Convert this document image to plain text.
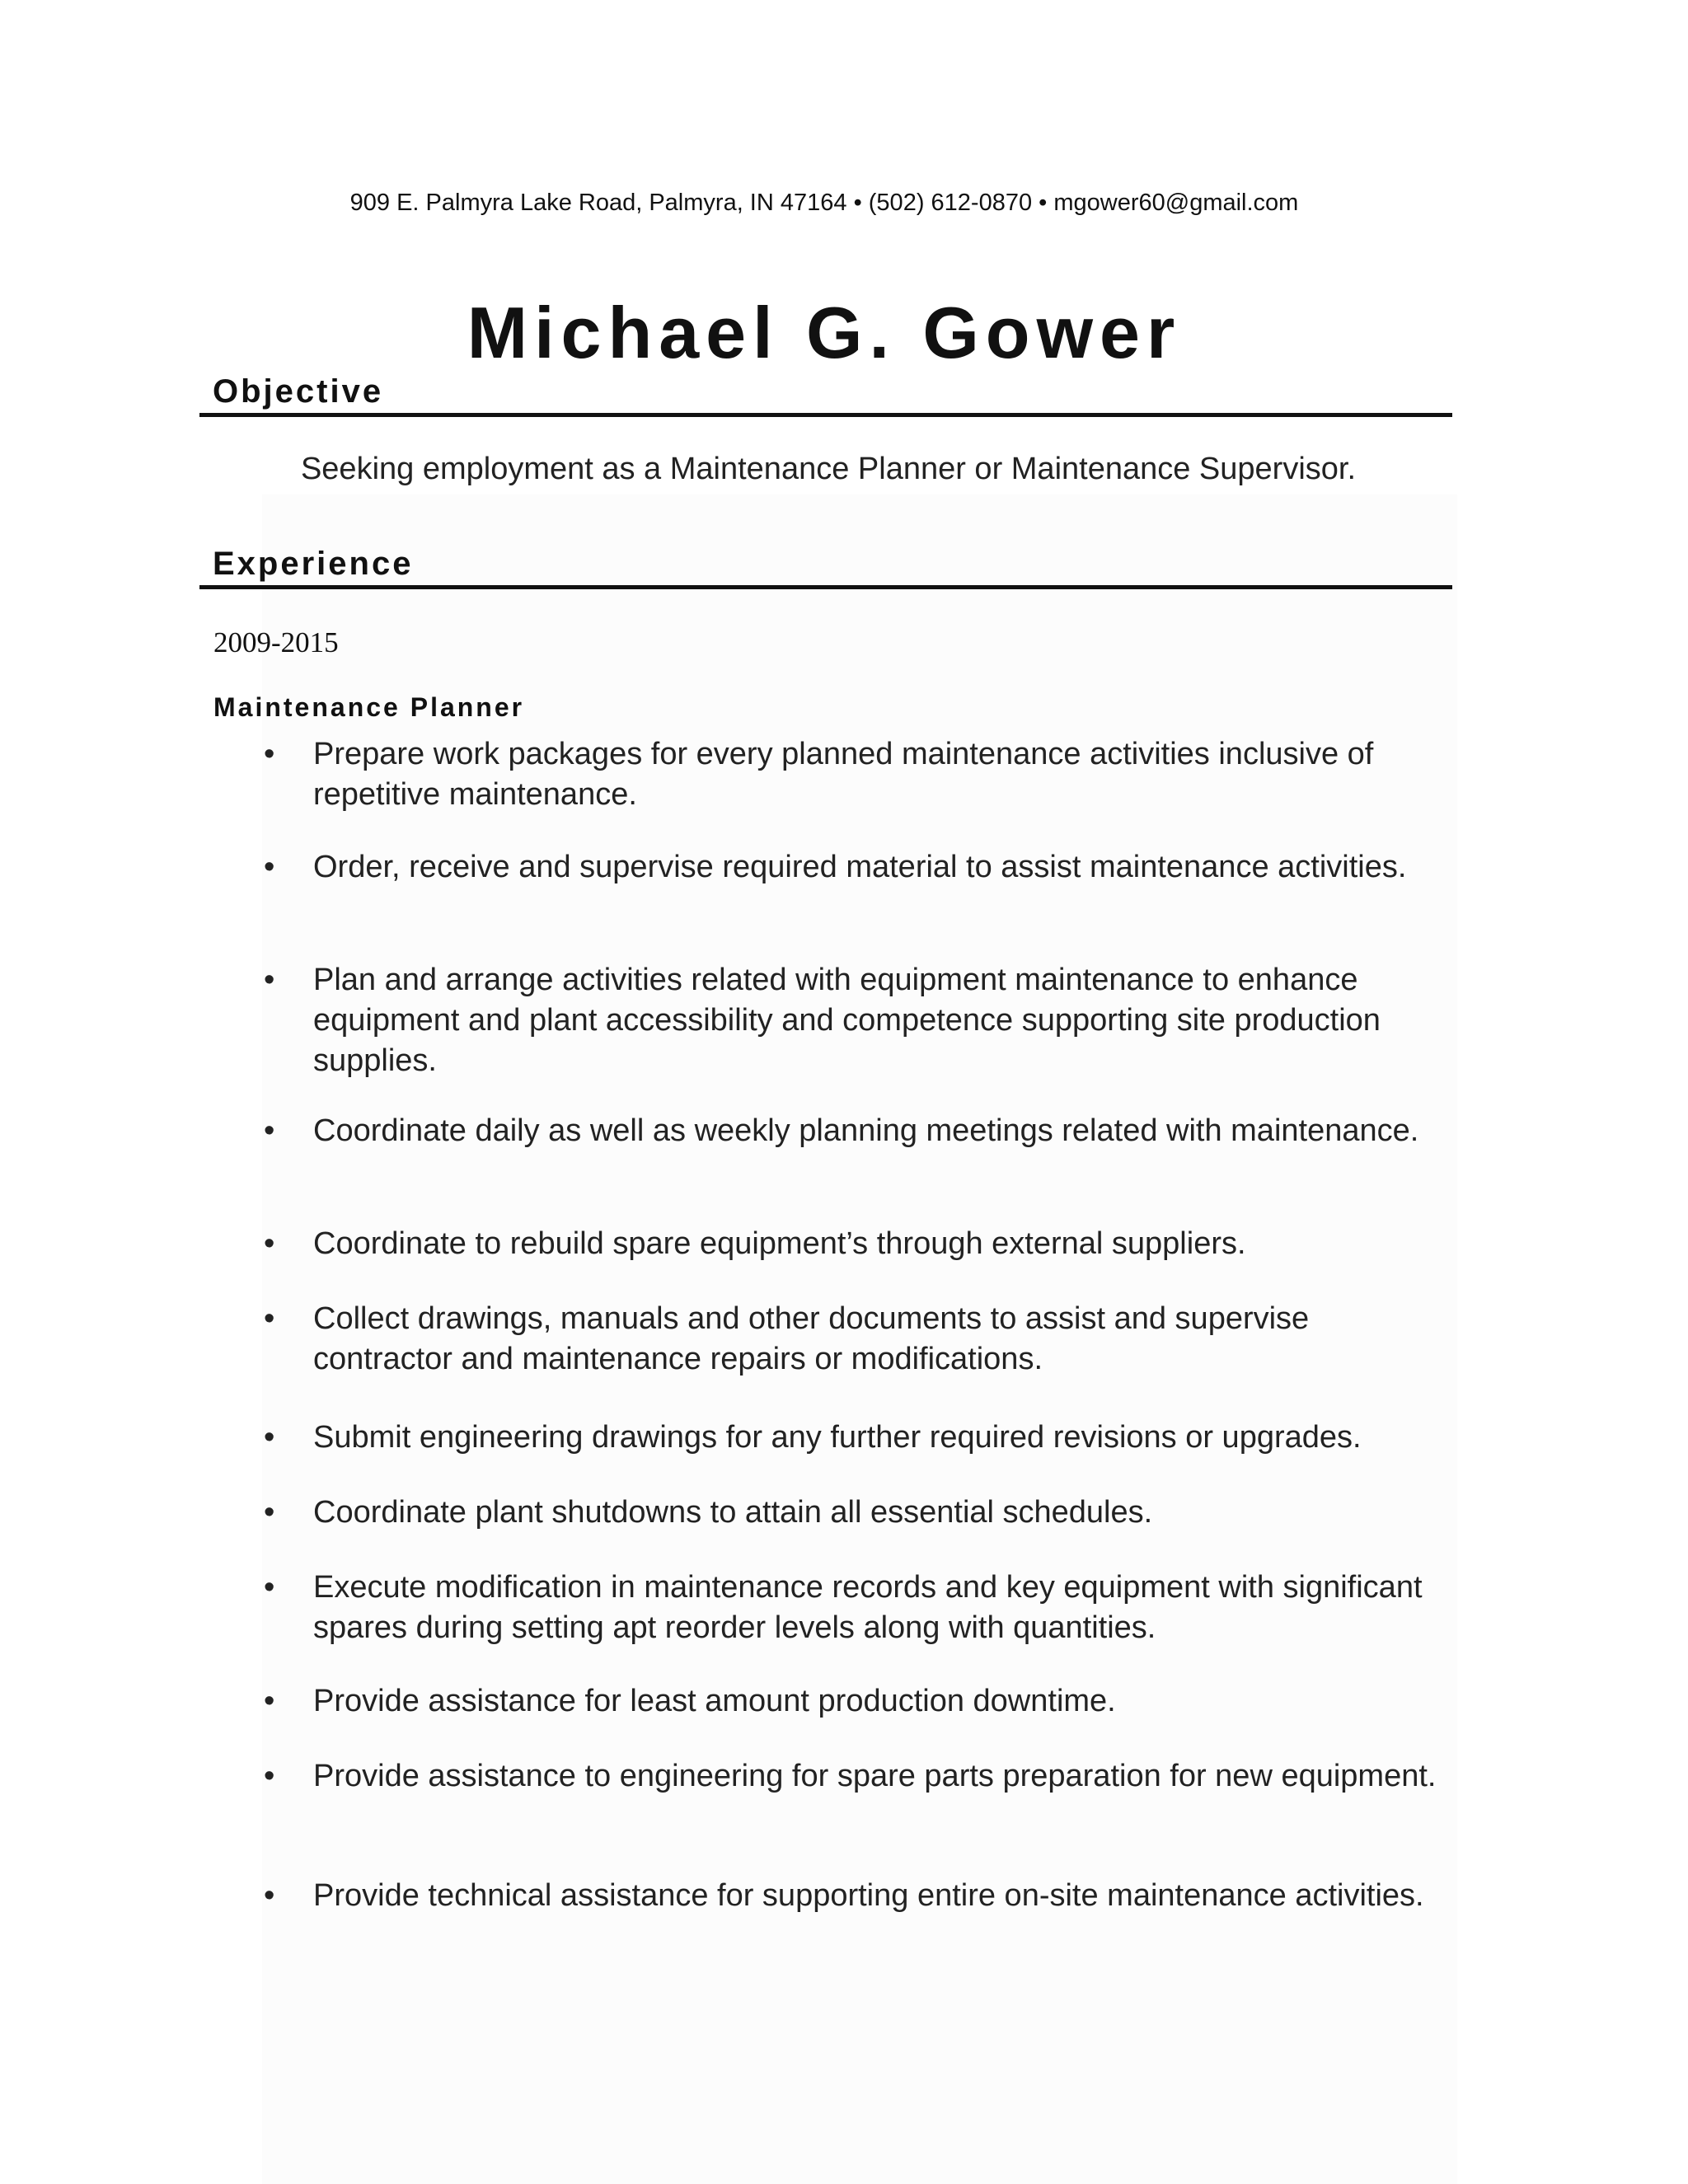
909 E. Palmyra Lake Road, Palmyra, IN 47164 • (502) 612-0870 • mgower60@gmail.com
Michael G. Gower
Objective
Seeking employment as a Maintenance Planner or Maintenance Supervisor.
Experience
2009-2015
Maintenance Planner
• Prepare work packages for every planned maintenance activities inclusive of repetitive maintenance.
• Order, receive and supervise required material to assist maintenance activities.
• Plan and arrange activities related with equipment maintenance to enhance equipment and plant accessibility and competence supporting site production supplies.
• Coordinate daily as well as weekly planning meetings related with maintenance.
• Coordinate to rebuild spare equipment’s through external suppliers.
• Collect drawings, manuals and other documents to assist and supervise contractor and maintenance repairs or modifications.
• Submit engineering drawings for any further required revisions or upgrades.
• Coordinate plant shutdowns to attain all essential schedules.
• Execute modification in maintenance records and key equipment with significant spares during setting apt reorder levels along with quantities.
• Provide assistance for least amount production downtime.
• Provide assistance to engineering for spare parts preparation for new equipment.
• Provide technical assistance for supporting entire on-site maintenance activities.
